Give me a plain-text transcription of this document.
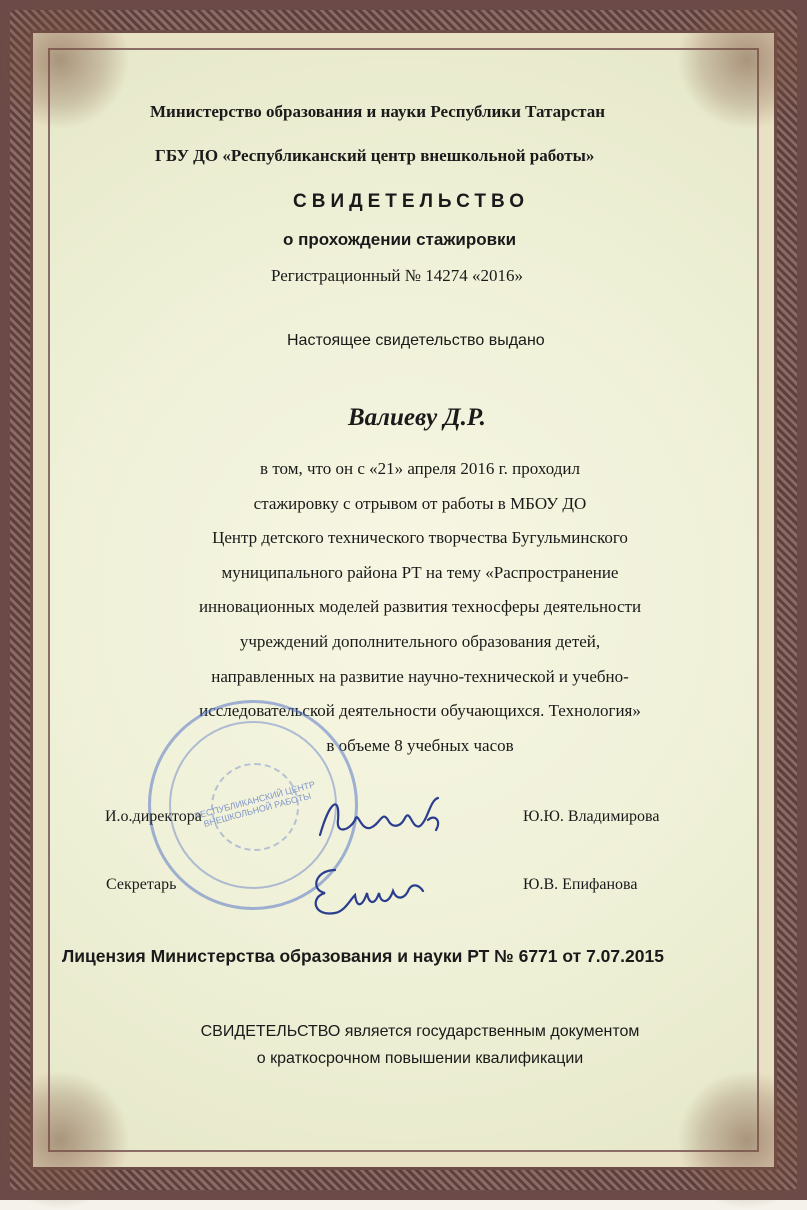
Министерство образования и науки Республики Татарстан
ГБУ ДО «Республиканский центр внешкольной работы»
СВИДЕТЕЛЬСТВО
о прохождении стажировки
Регистрационный № 14274 «2016»
Настоящее свидетельство выдано
Валиеву Д.Р.
в том, что он с «21» апреля 2016 г. проходил
стажировку с отрывом от работы в МБОУ ДО
Центр детского технического творчества Бугульминского
муниципального района РТ на тему «Распространение
инновационных моделей развития техносферы деятельности
учреждений дополнительного образования детей,
направленных на развитие научно-технической и учебно-
исследовательской деятельности обучающихся. Технология»
в объеме 8 учебных часов
РЕСПУБЛИКАНСКИЙ ЦЕНТР ВНЕШКОЛЬНОЙ РАБОТЫ
И.о.директора	Ю.Ю. Владимирова
Секретарь	Ю.В. Епифанова
Лицензия Министерства образования и науки РТ № 6771 от 7.07.2015
СВИДЕТЕЛЬСТВО является государственным документом
о краткосрочном повышении квалификации
